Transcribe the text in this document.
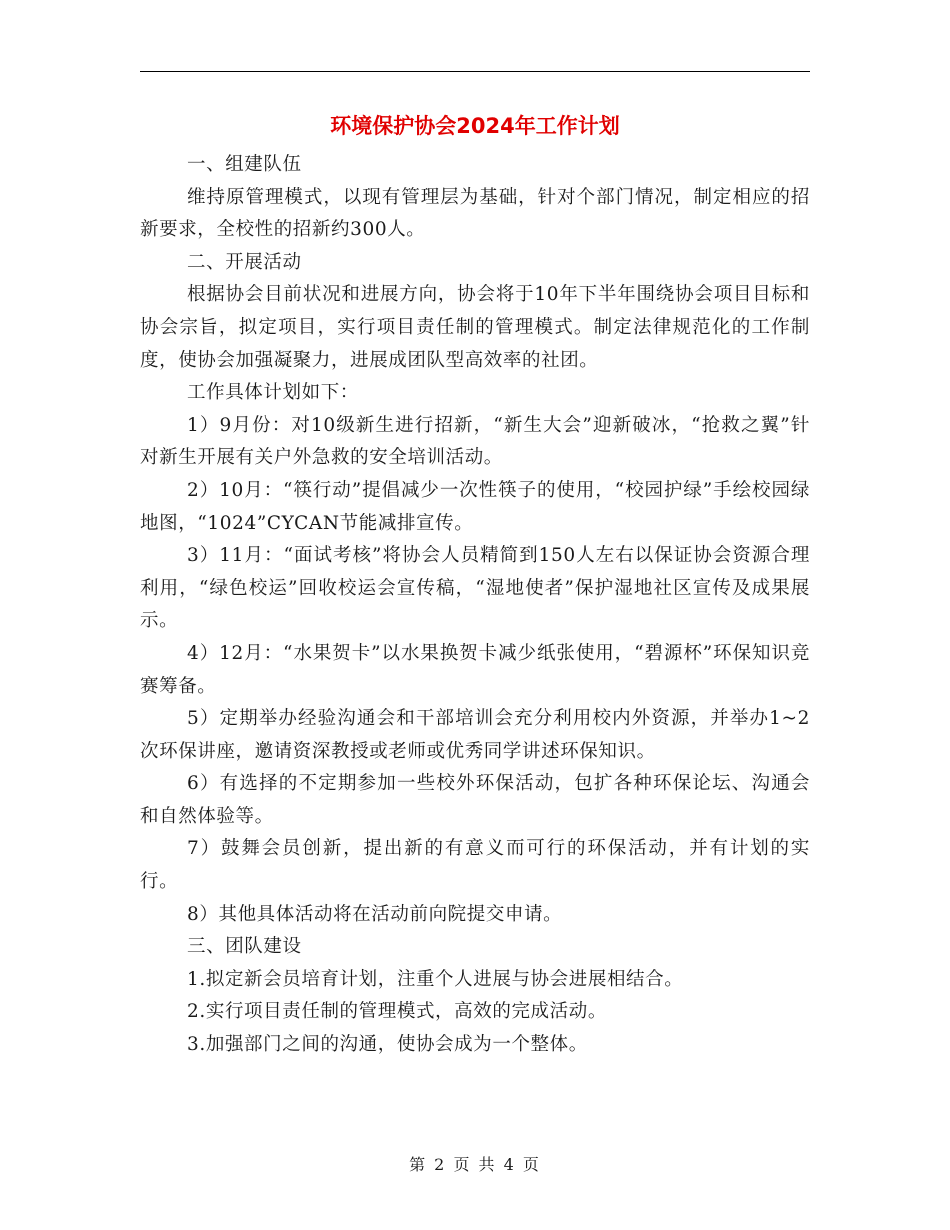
环境保护协会2024年工作计划

一、组建队伍

维持原管理模式，以现有管理层为基础，针对个部门情况，制定相应的招新要求，全校性的招新约300人。

二、开展活动

根据协会目前状况和进展方向，协会将于10年下半年围绕协会项目目标和协会宗旨，拟定项目，实行项目责任制的管理模式。制定法律规范化的工作制度，使协会加强凝聚力，进展成团队型高效率的社团。

工作具体计划如下：

1）9月份：对10级新生进行招新，“新生大会”迎新破冰，“抢救之翼”针对新生开展有关户外急救的安全培训活动。

2）10月：“筷行动”提倡减少一次性筷子的使用，“校园护绿”手绘校园绿地图，“1024”CYCAN节能减排宣传。

3）11月：“面试考核”将协会人员精简到150人左右以保证协会资源合理利用，“绿色校运”回收校运会宣传稿，“湿地使者”保护湿地社区宣传及成果展示。

4）12月：“水果贺卡”以水果换贺卡减少纸张使用，“碧源杯”环保知识竞赛筹备。

5）定期举办经验沟通会和干部培训会充分利用校内外资源，并举办1~2次环保讲座，邀请资深教授或老师或优秀同学讲述环保知识。

6）有选择的不定期参加一些校外环保活动，包扩各种环保论坛、沟通会和自然体验等。

7）鼓舞会员创新，提出新的有意义而可行的环保活动，并有计划的实行。

8）其他具体活动将在活动前向院提交申请。

三、团队建设

1.拟定新会员培育计划，注重个人进展与协会进展相结合。

2.实行项目责任制的管理模式，高效的完成活动。

3.加强部门之间的沟通，使协会成为一个整体。

第 2 页 共 4 页
